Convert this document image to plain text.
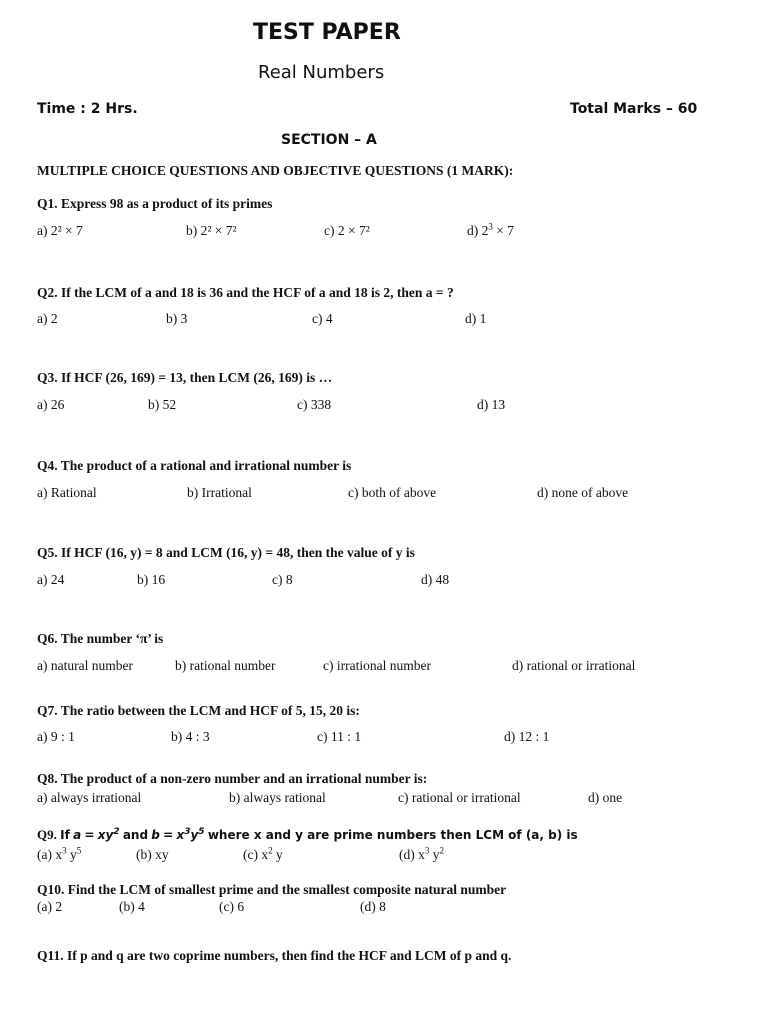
TEST PAPER
Real Numbers
Time : 2 Hrs.	Total Marks – 60
SECTION – A
MULTIPLE CHOICE QUESTIONS AND OBJECTIVE QUESTIONS (1 MARK):
Q1. Express 98 as a product of its primes
a) 2² × 7	b) 2² × 7²	c) 2 × 7²	d) $2^3 \times 7$
Q2. If the LCM of a and 18 is 36 and the HCF of a and 18 is 2, then a = ?
a) 2	b) 3	c) 4	d) 1
Q3. If HCF (26, 169) = 13, then LCM (26, 169) is …
a) 26	b) 52	c) 338	d) 13
Q4. The product of a rational and irrational number is
a) Rational	b) Irrational	c) both of above	d) none of above
Q5. If HCF (16, y) = 8 and LCM (16, y) = 48, then the value of y is
a) 24	b) 16	c) 8	d) 48
Q6. The number ‘π’ is
a) natural number	b) rational number	c) irrational number	d) rational or irrational
Q7. The ratio between the LCM and HCF of 5, 15, 20 is:
a) 9 : 1	b) 4 : 3	c) 11 : 1	d) 12 : 1
Q8. The product of a non-zero number and an irrational number is:
a) always irrational	b) always rational	c) rational or irrational	d) one
Q9. If $a = xy^2$ and $b = x^3y^5$ where x and y are prime numbers then LCM of (a, b) is
(a) $x^3$ $y^5$	(b) xy	(c) $x^2$ y	(d) $x^3$ $y^2$
Q10. Find the LCM of smallest prime and the smallest composite natural number
(a) 2	(b) 4	(c) 6	(d) 8
Q11. If p and q are two coprime numbers, then find the HCF and LCM of p and q.
